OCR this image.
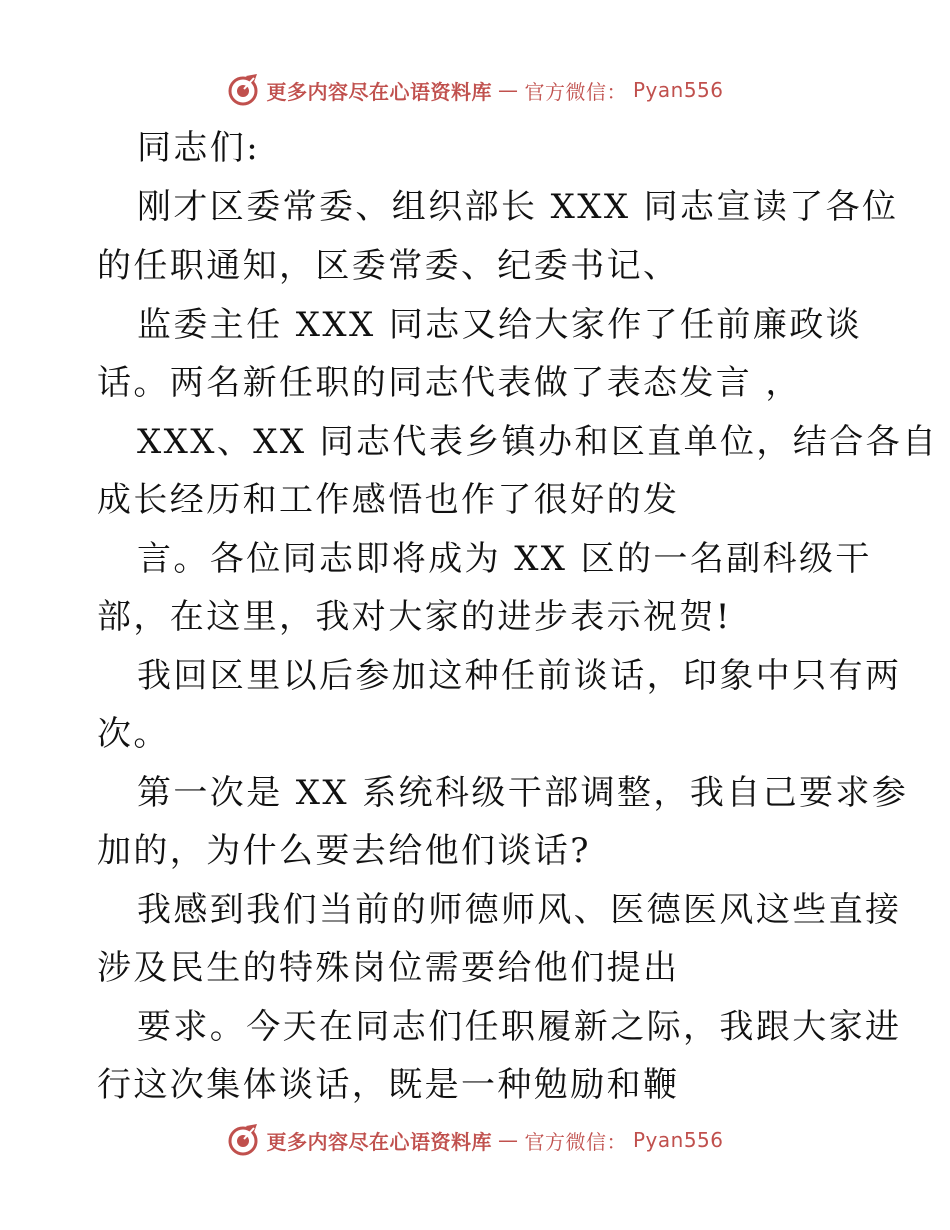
更多内容尽在心语资料库 — 官方微信： Pyan556
同志们:
刚才区委常委、组织部长 XXX 同志宣读了各位
的任职通知，区委常委、纪委书记、
监委主任 XXX 同志又给大家作了任前廉政谈
话。两名新任职的同志代表做了表态发言 ，
XXX、XX 同志代表乡镇办和区直单位，结合各自
成长经历和工作感悟也作了很好的发
言。各位同志即将成为 XX 区的一名副科级干
部，在这里，我对大家的进步表示祝贺!
我回区里以后参加这种任前谈话，印象中只有两
次。
第一次是 XX 系统科级干部调整，我自己要求参
加的，为什么要去给他们谈话?
我感到我们当前的师德师风、医德医风这些直接
涉及民生的特殊岗位需要给他们提出
要求。今天在同志们任职履新之际，我跟大家进
行这次集体谈话，既是一种勉励和鞭
更多内容尽在心语资料库 — 官方微信： Pyan556
